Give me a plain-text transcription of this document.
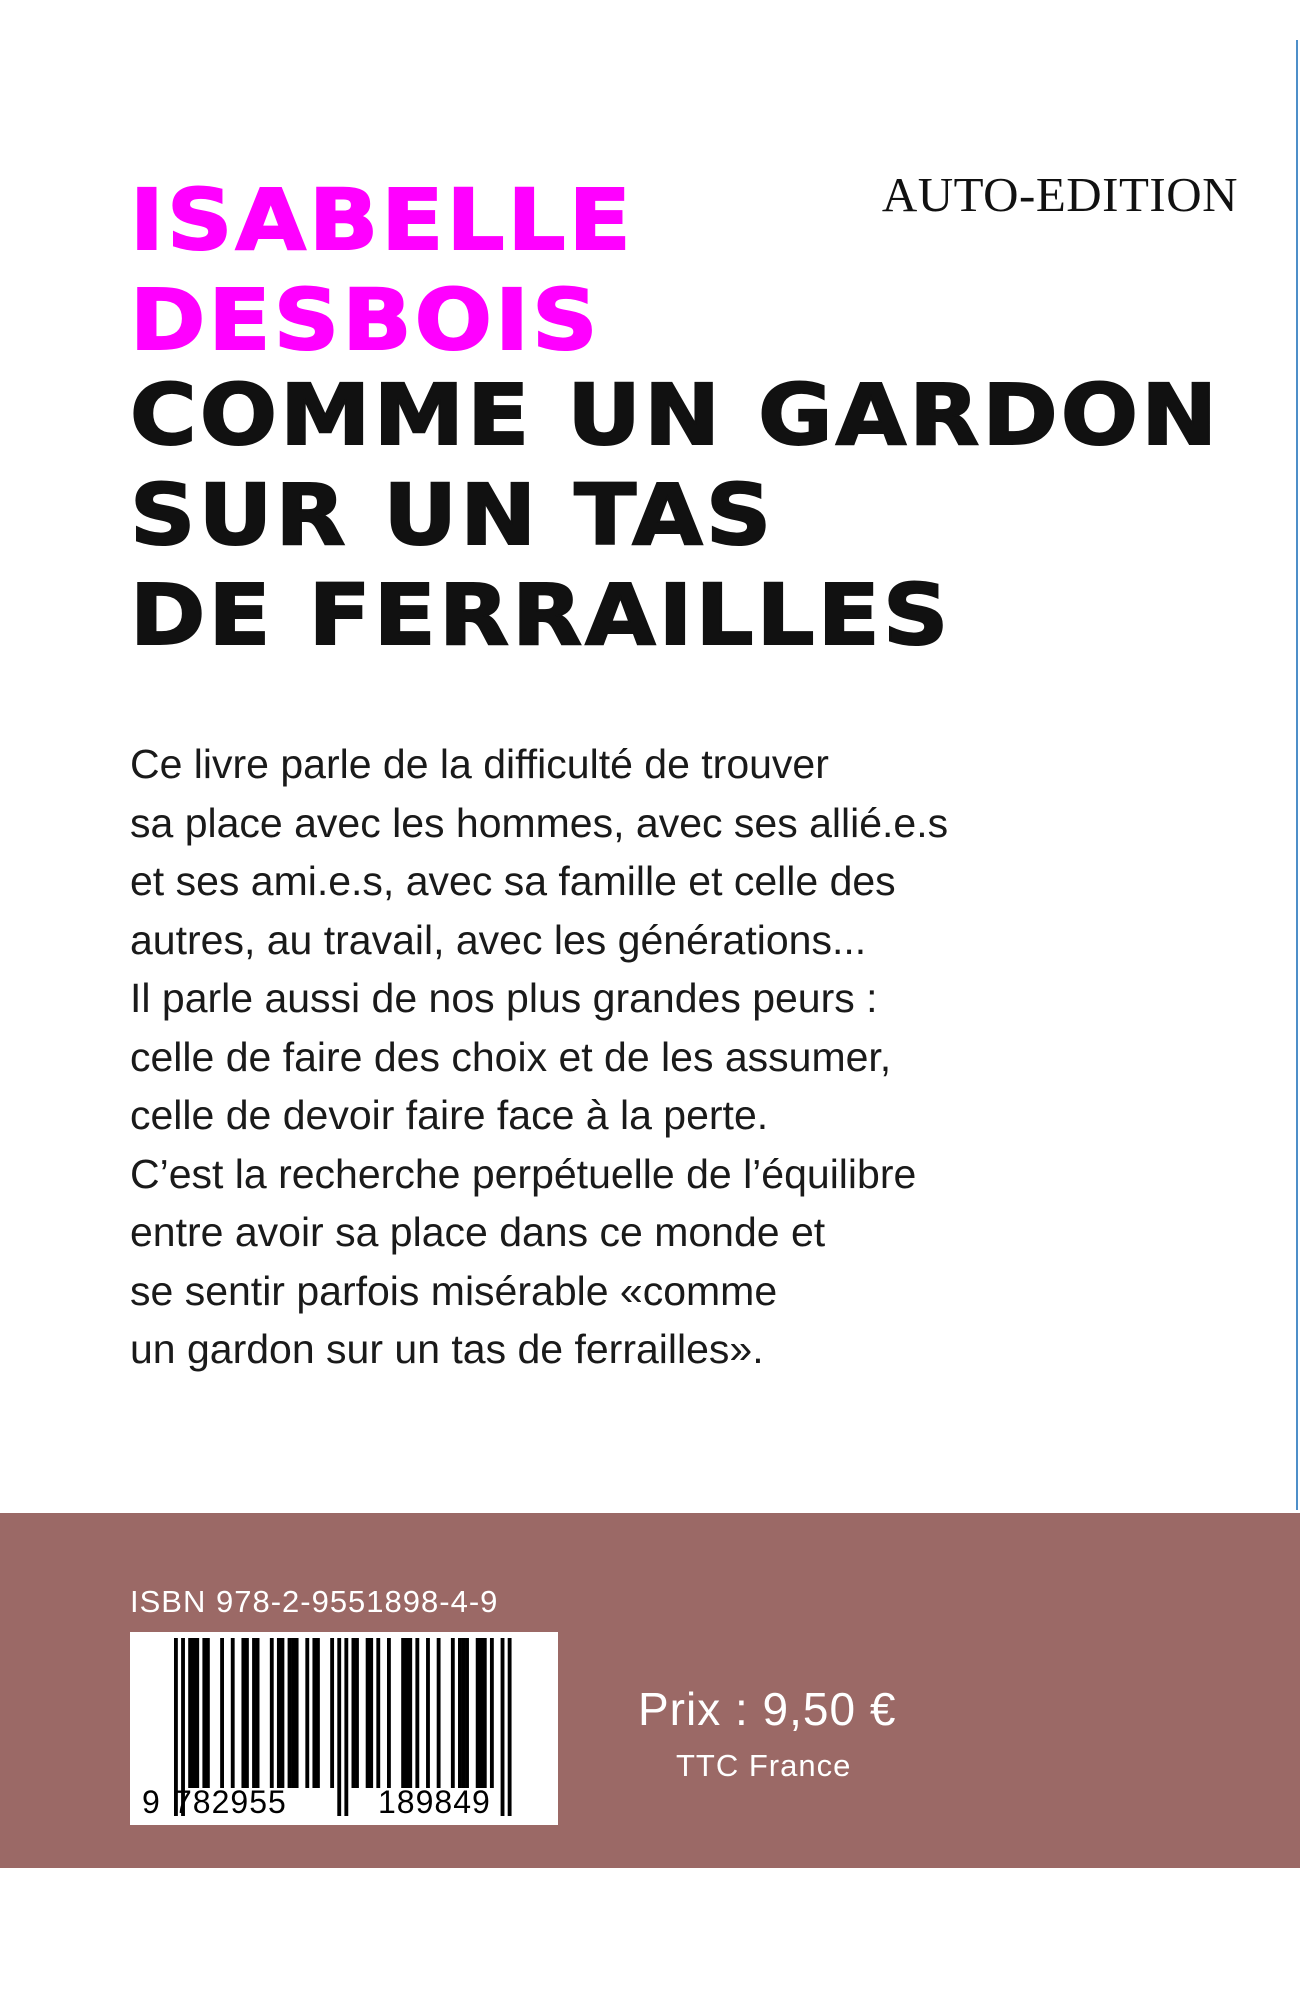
AUTO-EDITION
ISABELLE
DESBOIS
COMME UN GARDON
SUR UN TAS
DE FERRAILLES
Ce livre parle de la difficulté de trouver
sa place avec les hommes, avec ses allié.e.s
et ses ami.e.s, avec sa famille et celle des
autres, au travail, avec les générations...
Il parle aussi de nos plus grandes peurs :
celle de faire des choix et de les assumer,
celle de devoir faire face à la perte.
C’est la recherche perpétuelle de l’équilibre
entre avoir sa place dans ce monde et
se sentir parfois misérable «comme
un gardon sur un tas de ferrailles».
ISBN 978-2-9551898-4-9
9 782955	189849
Prix : 9,50 €
TTC France
